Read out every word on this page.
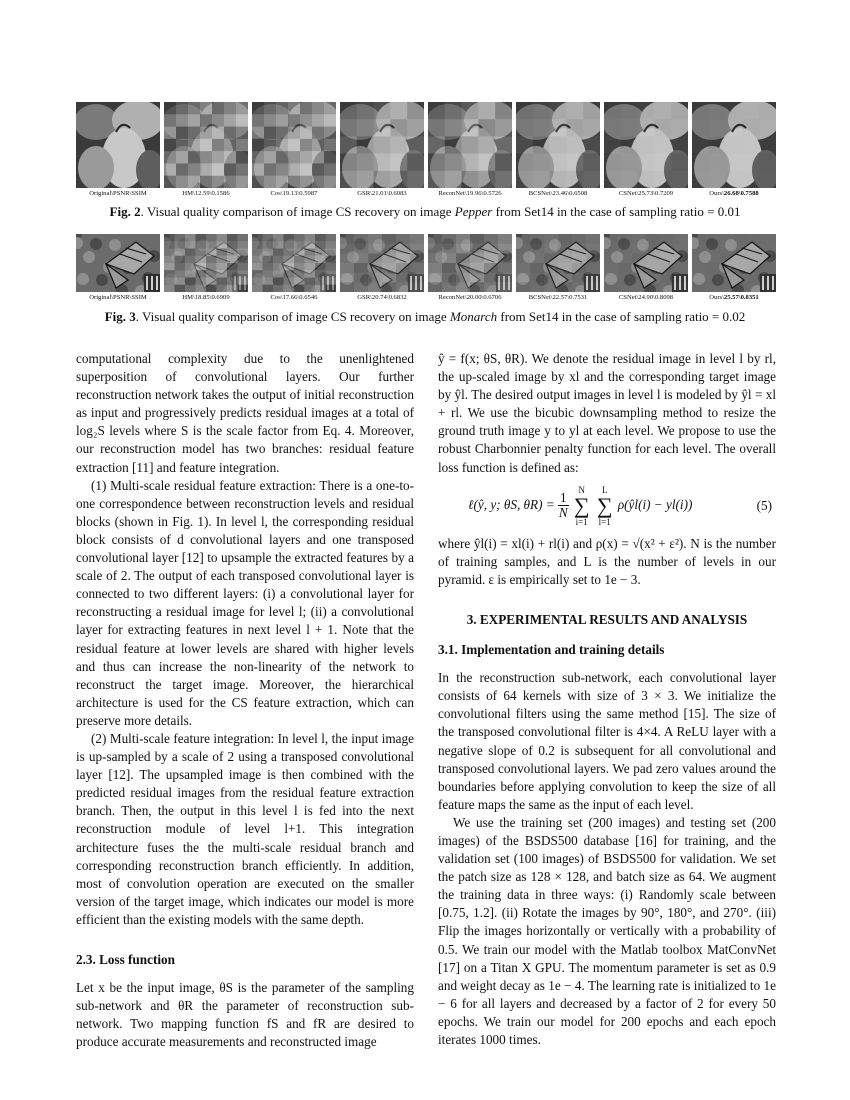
Original\PSNR\SSIM	HM\12.59\0.1586	Cos\19.13\0.5987	GSR\21.01\0.6083	ReconNet\19.96\0.5726	BCSNet\23.46\0.6508	CSNet\25.73\0.7209	Ours\26.68\0.7588
Fig. 2. Visual quality comparison of image CS recovery on image Pepper from Set14 in the case of sampling ratio = 0.01
Original\PSNR\SSIM	HM\18.85\0.6909	Cos\17.66\0.6546	GSR\20.74\0.6832	ReconNet\20.00\0.6706	BCSNet\22.57\0.7531	CSNet\24.90\0.8098	Ours\25.57\0.8351
Fig. 3. Visual quality comparison of image CS recovery on image Monarch from Set14 in the case of sampling ratio = 0.02

computational complexity due to the unenlightened superposition of convolutional layers. Our further reconstruction network takes the output of initial reconstruction as input and progressively predicts residual images at a total of log₂S levels where S is the scale factor from Eq. 4. Moreover, our reconstruction model has two branches: residual feature extraction [11] and feature integration.

(1) Multi-scale residual feature extraction: There is a one-to-one correspondence between reconstruction levels and residual blocks (shown in Fig. 1). In level l, the corresponding residual block consists of d convolutional layers and one transposed convolutional layer [12] to upsample the extracted features by a scale of 2. The output of each transposed convolutional layer is connected to two different layers: (i) a convolutional layer for reconstructing a residual image for level l; (ii) a convolutional layer for extracting features in next level l + 1. Note that the residual feature at lower levels are shared with higher levels and thus can increase the non-linearity of the network to reconstruct the target image. Moreover, the hierarchical architecture is used for the CS feature extraction, which can preserve more details.

(2) Multi-scale feature integration: In level l, the input image is up-sampled by a scale of 2 using a transposed convolutional layer [12]. The upsampled image is then combined with the predicted residual images from the residual feature extraction branch. Then, the output in this level l is fed into the next reconstruction module of level l+1. This integration architecture fuses the the multi-scale residual branch and corresponding reconstruction branch efficiently. In addition, most of convolution operation are executed on the smaller version of the target image, which indicates our model is more efficient than the existing models with the same depth.

2.3. Loss function

Let x be the input image, θS is the parameter of the sampling sub-network and θR the parameter of reconstruction sub-network. Two mapping function fS and fR are desired to produce accurate measurements and reconstructed image

ŷ = f(x; θS, θR). We denote the residual image in level l by rl, the up-scaled image by xl and the corresponding target image by ŷl. The desired output images in level l is modeled by ŷl = xl + rl. We use the bicubic downsampling method to resize the ground truth image y to yl at each level. We propose to use the robust Charbonnier penalty function for each level. The overall loss function is defined as:

ℓ(ŷ, y; θS, $\theta R) = \frac{1}{N}$

N
∑
i=1

L
∑
l=1
ρ(ŷl(i) − yl(i))	(5)

where ŷl(i) = xl(i) + rl(i) and ρ(x) = √(x² + ε²). N is the number of training samples, and L is the number of levels in our pyramid. ε is empirically set to 1e − 3.

3. EXPERIMENTAL RESULTS AND ANALYSIS

3.1. Implementation and training details

In the reconstruction sub-network, each convolutional layer consists of 64 kernels with size of 3 × 3. We initialize the convolutional filters using the same method [15]. The size of the transposed convolutional filter is 4×4. A ReLU layer with a negative slope of 0.2 is subsequent for all convolutional and transposed convolutional layers. We pad zero values around the boundaries before applying convolution to keep the size of all feature maps the same as the input of each level.

We use the training set (200 images) and testing set (200 images) of the BSDS500 database [16] for training, and the validation set (100 images) of BSDS500 for validation. We set the patch size as 128 × 128, and batch size as 64. We augment the training data in three ways: (i) Randomly scale between [0.75, 1.2]. (ii) Rotate the images by 90°, 180°, and 270°. (iii) Flip the images horizontally or vertically with a probability of 0.5. We train our model with the Matlab toolbox MatConvNet [17] on a Titan X GPU. The momentum parameter is set as 0.9 and weight decay as 1e − 4. The learning rate is initialized to 1e − 6 for all layers and decreased by a factor of 2 for every 50 epochs. We train our model for 200 epochs and each epoch iterates 1000 times.
